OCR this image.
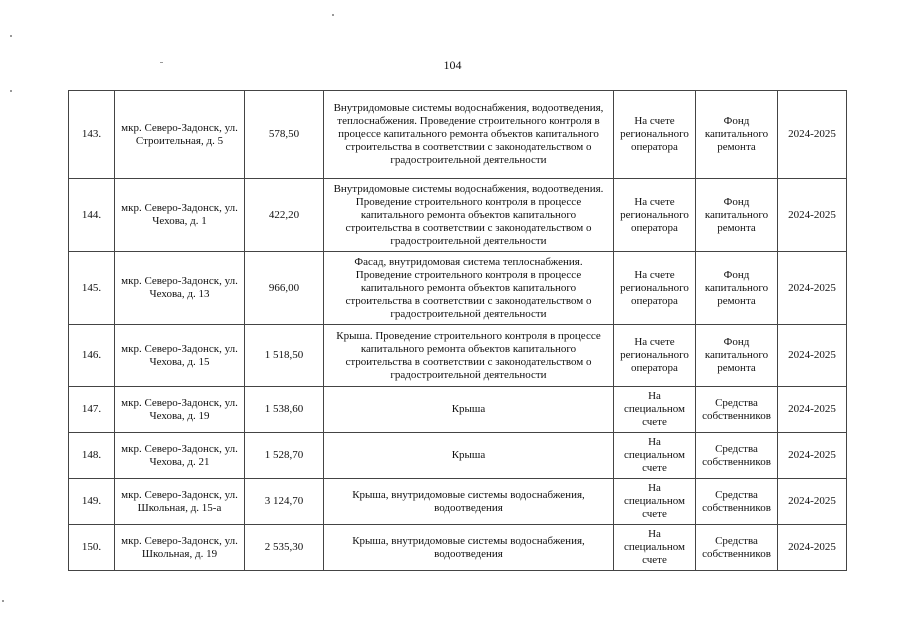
104
143.	мкр. Северо-Задонск, ул. Строительная, д. 5	578,50	Внутридомовые системы водоснабжения, водоотведения, теплоснабжения. Проведение строительного контроля в процессе капитального ремонта объектов капитального строительства в соответствии с законодательством о градостроительной деятельности	На счете регионального оператора	Фонд капитального ремонта	2024-2025
144.	мкр. Северо-Задонск, ул. Чехова, д. 1	422,20	Внутридомовые системы водоснабжения, водоотведения. Проведение строительного контроля в процессе капитального ремонта объектов капитального строительства в соответствии с законодательством о градостроительной деятельности	На счете регионального оператора	Фонд капитального ремонта	2024-2025
145.	мкр. Северо-Задонск, ул. Чехова, д. 13	966,00	Фасад, внутридомовая система теплоснабжения. Проведение строительного контроля в процессе капитального ремонта объектов капитального строительства в соответствии с законодательством о градостроительной деятельности	На счете регионального оператора	Фонд капитального ремонта	2024-2025
146.	мкр. Северо-Задонск, ул. Чехова, д. 15	1 518,50	Крыша. Проведение строительного контроля в процессе капитального ремонта объектов капитального строительства в соответствии с законодательством о градостроительной деятельности	На счете регионального оператора	Фонд капитального ремонта	2024-2025
147.	мкр. Северо-Задонск, ул. Чехова, д. 19	1 538,60	Крыша	На специальном счете	Средства собственников	2024-2025
148.	мкр. Северо-Задонск, ул. Чехова, д. 21	1 528,70	Крыша	На специальном счете	Средства собственников	2024-2025
149.	мкр. Северо-Задонск, ул. Школьная, д. 15-а	3 124,70	Крыша, внутридомовые системы водоснабжения, водоотведения	На специальном счете	Средства собственников	2024-2025
150.	мкр. Северо-Задонск, ул. Школьная, д. 19	2 535,30	Крыша, внутридомовые системы водоснабжения, водоотведения	На специальном счете	Средства собственников	2024-2025
